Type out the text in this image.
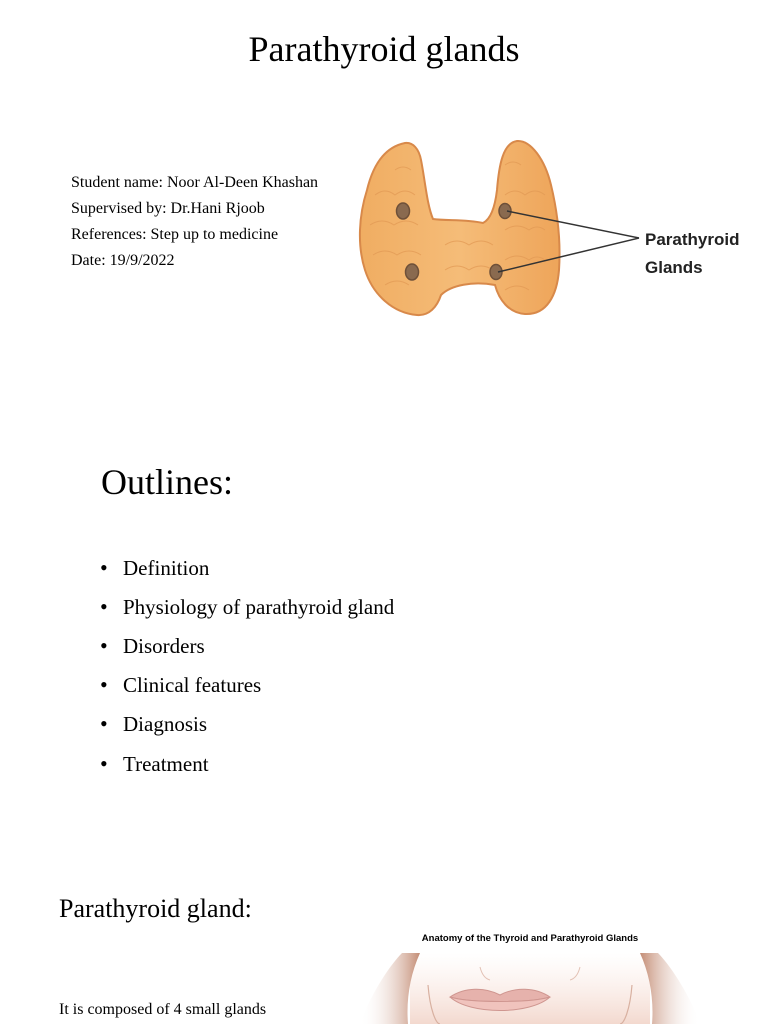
Parathyroid glands
Student name: Noor Al-Deen Khashan
Supervised by: Dr.Hani Rjoob
References: Step up to medicine
Date: 19/9/2022
Parathyroid
Glands
Outlines:
• Definition
• Physiology of parathyroid gland
• Disorders
• Clinical features
• Diagnosis
• Treatment
Parathyroid gland:
It is composed of 4 small glands
Anatomy of the Thyroid and Parathyroid Glands
